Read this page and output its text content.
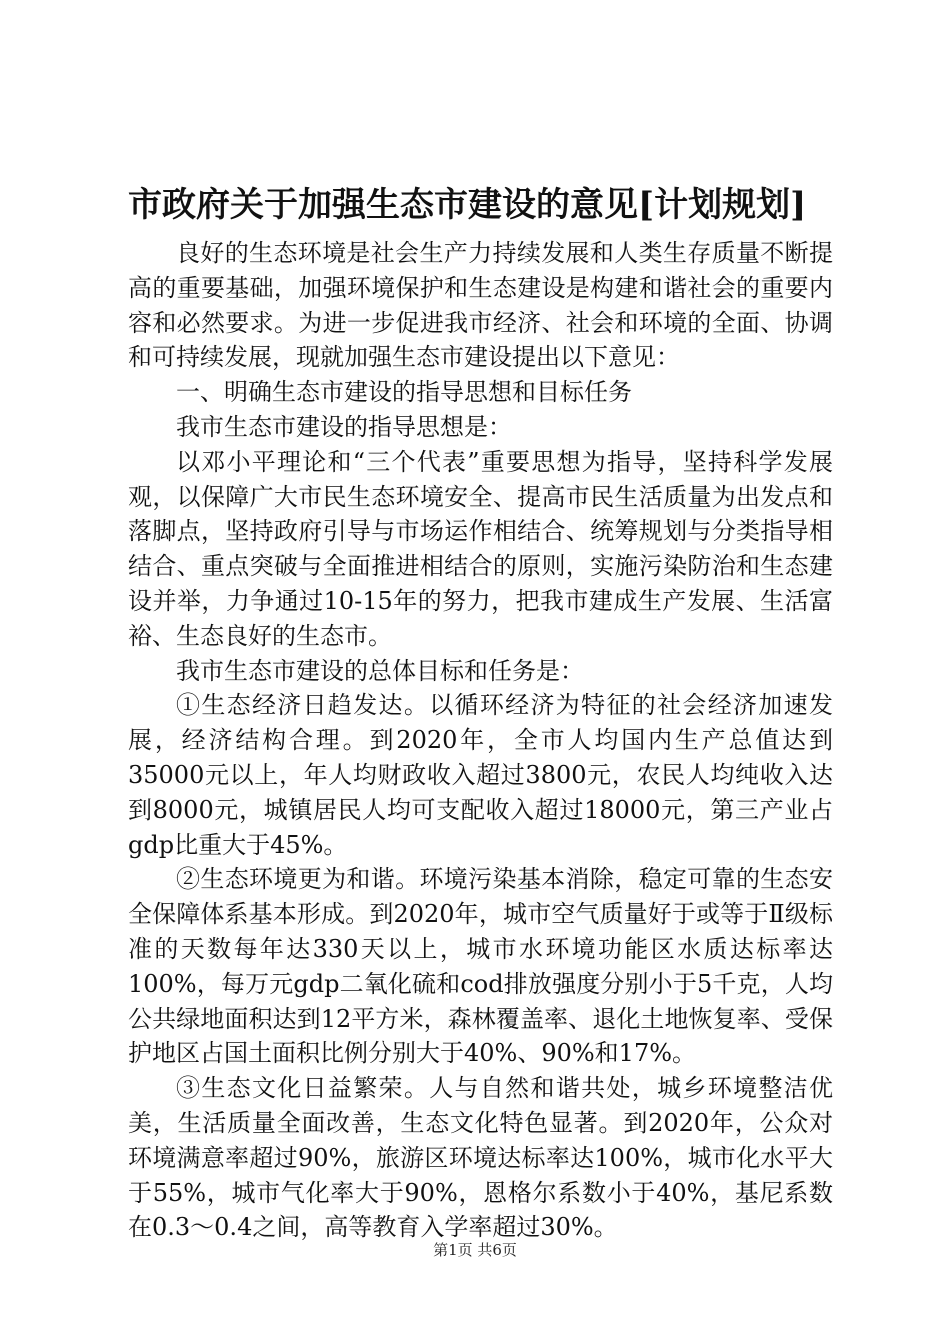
市政府关于加强生态市建设的意见[计划规划]

良好的生态环境是社会生产力持续发展和人类生存质量不断提高的重要基础，加强环境保护和生态建设是构建和谐社会的重要内容和必然要求。为进一步促进我市经济、社会和环境的全面、协调和可持续发展，现就加强生态市建设提出以下意见：

一、明确生态市建设的指导思想和目标任务

我市生态市建设的指导思想是：

以邓小平理论和“三个代表”重要思想为指导，坚持科学发展观，以保障广大市民生态环境安全、提高市民生活质量为出发点和落脚点，坚持政府引导与市场运作相结合、统筹规划与分类指导相结合、重点突破与全面推进相结合的原则，实施污染防治和生态建设并举，力争通过10-15年的努力，把我市建成生产发展、生活富裕、生态良好的生态市。

我市生态市建设的总体目标和任务是：

①生态经济日趋发达。以循环经济为特征的社会经济加速发展，经济结构合理。到2020年，全市人均国内生产总值达到35000元以上，年人均财政收入超过3800元，农民人均纯收入达到8000元，城镇居民人均可支配收入超过18000元，第三产业占gdp比重大于45%。

②生态环境更为和谐。环境污染基本消除，稳定可靠的生态安全保障体系基本形成。到2020年，城市空气质量好于或等于Ⅱ级标准的天数每年达330天以上，城市水环境功能区水质达标率达100%，每万元gdp二氧化硫和cod排放强度分别小于5千克，人均公共绿地面积达到12平方米，森林覆盖率、退化土地恢复率、受保护地区占国土面积比例分别大于40%、90%和17%。

③生态文化日益繁荣。人与自然和谐共处，城乡环境整洁优美，生活质量全面改善，生态文化特色显著。到2020年，公众对环境满意率超过90%，旅游区环境达标率达100%，城市化水平大于55%，城市气化率大于90%，恩格尔系数小于40%，基尼系数在0.3～0.4之间，高等教育入学率超过30%。

第1页 共6页
